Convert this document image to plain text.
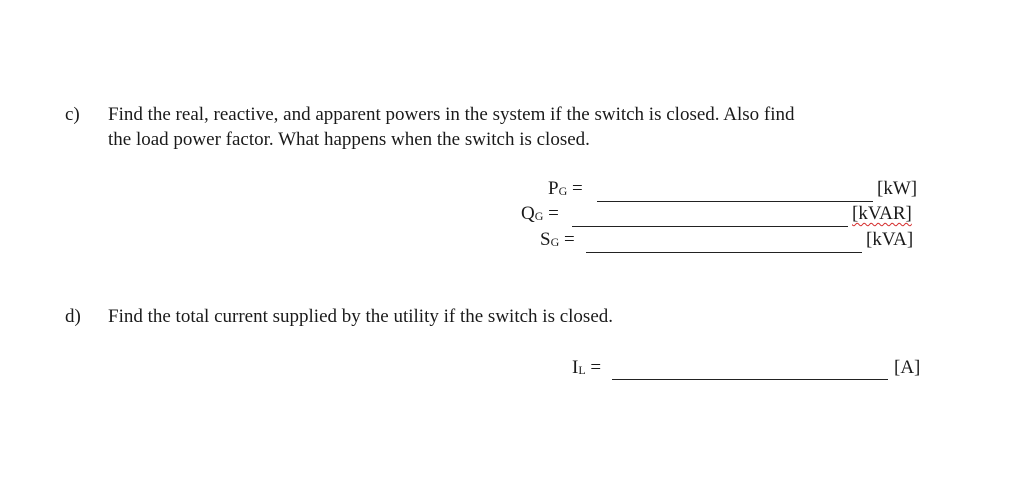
c) Find the real, reactive, and apparent powers in the system if the switch is closed. Also find
the load power factor. What happens when the switch is closed.
PG =	[kW]
QG =	[kVAR]
SG =	[kVA]
d) Find the total current supplied by the utility if the switch is closed.
IL =	[A]
